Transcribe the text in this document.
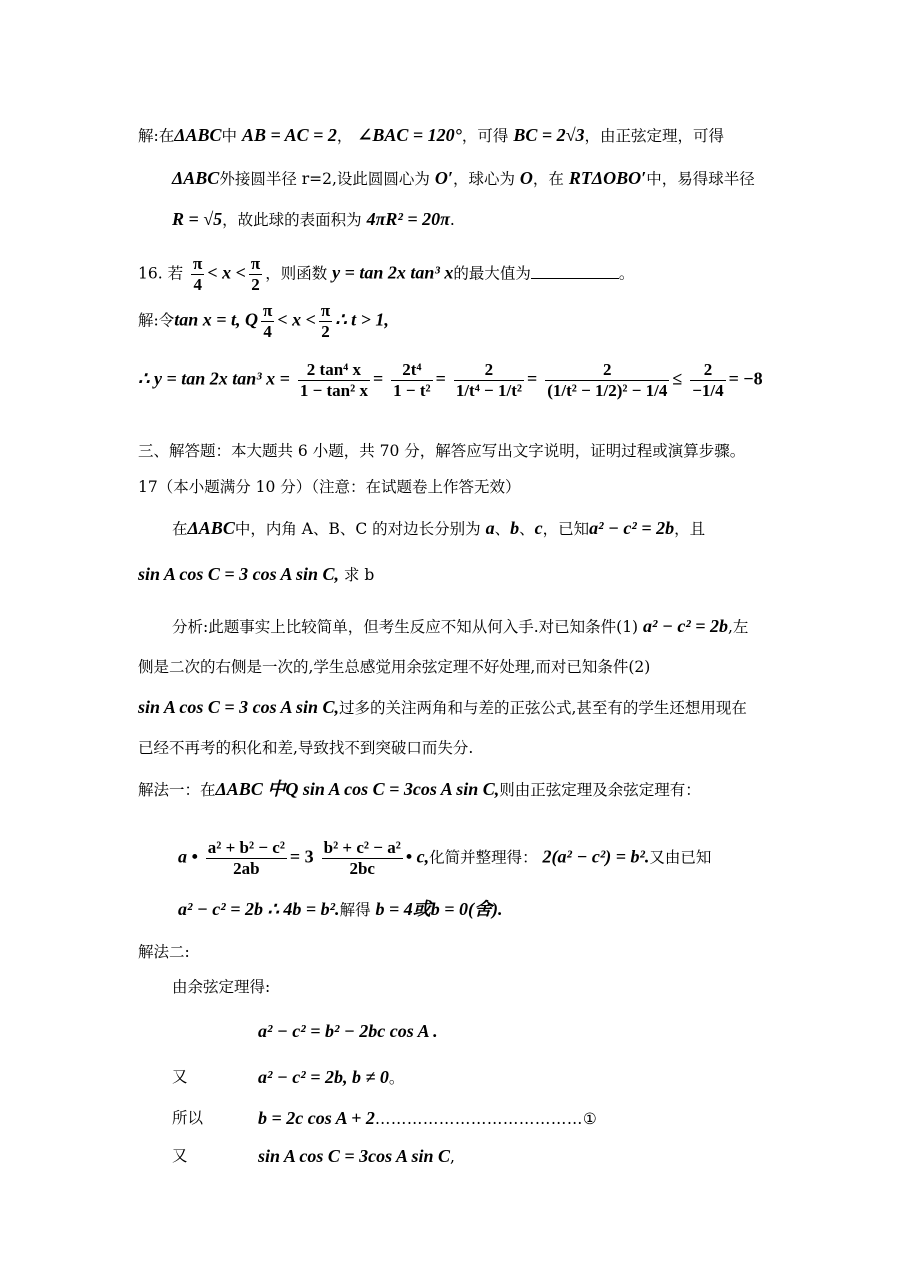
解:在ΔABC中 AB = AC = 2， ∠BAC = 120°，可得 BC = 2√3，由正弦定理，可得
ΔABC外接圆半径 r=2,设此圆圆心为 O′，球心为 O，在 RTΔOBO′中，易得球半径
R = √5，故此球的表面积为 4πR² = 20π.
16. 若 $\frac{\pi}{4} < x < \frac{\pi}{2}$ ，则函数 y = tan 2x tan³ x的最大值为	。
解:令tan x = t, Q $\frac{\pi}{4} < x < \frac{\pi}{2}$ ∴ t > 1,
∴ y = tan 2x tan³ $x = \frac{\text{2 tan⁴ x}}{\text{1 − tan² x}} = \frac{\text{2t⁴}}{\text{1 − t²}} = \frac{2}{\text{1/t⁴ − 1/t²}} = \frac{2}{\text{(1/t² − 1/2)² − 1/4}} \le \frac{2}{-1/4} = -8$
三、解答题：本大题共 6 小题，共 70 分，解答应写出文字说明，证明过程或演算步骤。
17（本小题满分 10 分）（注意：在试题卷上作答无效）
在ΔABC中，内角 A、B、C 的对边长分别为 a、b、c，已知a² − c² = 2b，且
sin A cos C = 3 cos A sin C, 求 b
分析:此题事实上比较简单，但考生反应不知从何入手.对已知条件(1) a² − c² = 2b,左
侧是二次的右侧是一次的,学生总感觉用余弦定理不好处理,而对已知条件(2)
sin A cos C = 3 cos A sin C,过多的关注两角和与差的正弦公式,甚至有的学生还想用现在
已经不再考的积化和差,导致找不到突破口而失分.
解法一：在ΔABC 中Q sin A cos C = 3cos A sin C,则由正弦定理及余弦定理有：
a • $\frac{\text{a² + b² − c²}}{2ab} = 3 \frac{\text{b² + c² − a²}}{2bc}$ • c,化简并整理得： 2(a² − c²) = b².又由已知
a² − c² = 2b ∴ 4b = b².解得 b = 4或b = 0(舍).
解法二:
由余弦定理得:
a² − c² = b² − 2bc cos A .
又	a² − c² = 2b, b ≠ 0。
所以	b = 2c cos A + 2…………………………………①
又	sin A cos C = 3cos A sin C,
